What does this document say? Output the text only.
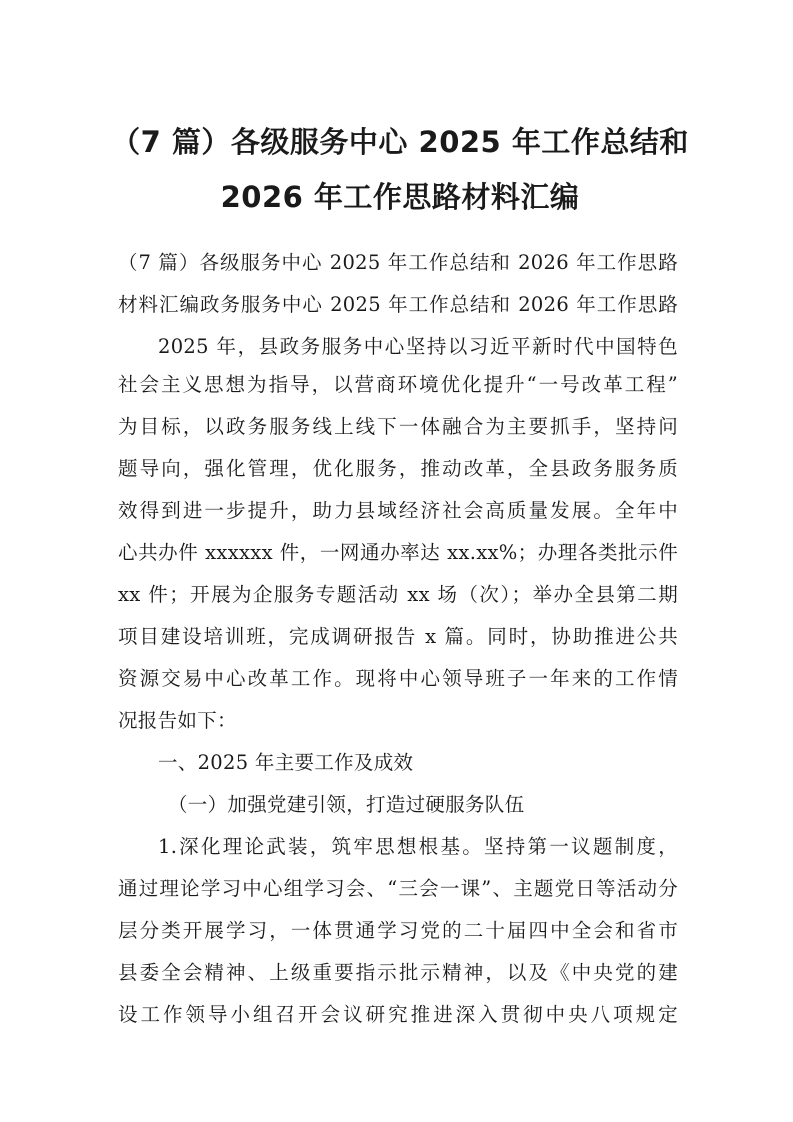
（7 篇）各级服务中心 2025 年工作总结和
2026 年工作思路材料汇编
（7 篇）各级服务中心 2025 年工作总结和 2026 年工作思路
材料汇编政务服务中心 2025 年工作总结和 2026 年工作思路
2025 年，县政务服务中心坚持以习近平新时代中国特色
社会主义思想为指导，以营商环境优化提升“一号改革工程”
为目标，以政务服务线上线下一体融合为主要抓手，坚持问
题导向，强化管理，优化服务，推动改革，全县政务服务质
效得到进一步提升，助力县域经济社会高质量发展。全年中
心共办件 xxxxxx 件，一网通办率达 xx.xx%；办理各类批示件
xx 件；开展为企服务专题活动 xx 场（次）；举办全县第二期
项目建设培训班，完成调研报告 x 篇。同时，协助推进公共
资源交易中心改革工作。现将中心领导班子一年来的工作情
况报告如下：
一、2025 年主要工作及成效
（一）加强党建引领，打造过硬服务队伍
1.深化理论武装，筑牢思想根基。坚持第一议题制度，
通过理论学习中心组学习会、“三会一课”、主题党日等活动分
层分类开展学习，一体贯通学习党的二十届四中全会和省市
县委全会精神、上级重要指示批示精神，以及《中央党的建
设工作领导小组召开会议研究推进深入贯彻中央八项规定
